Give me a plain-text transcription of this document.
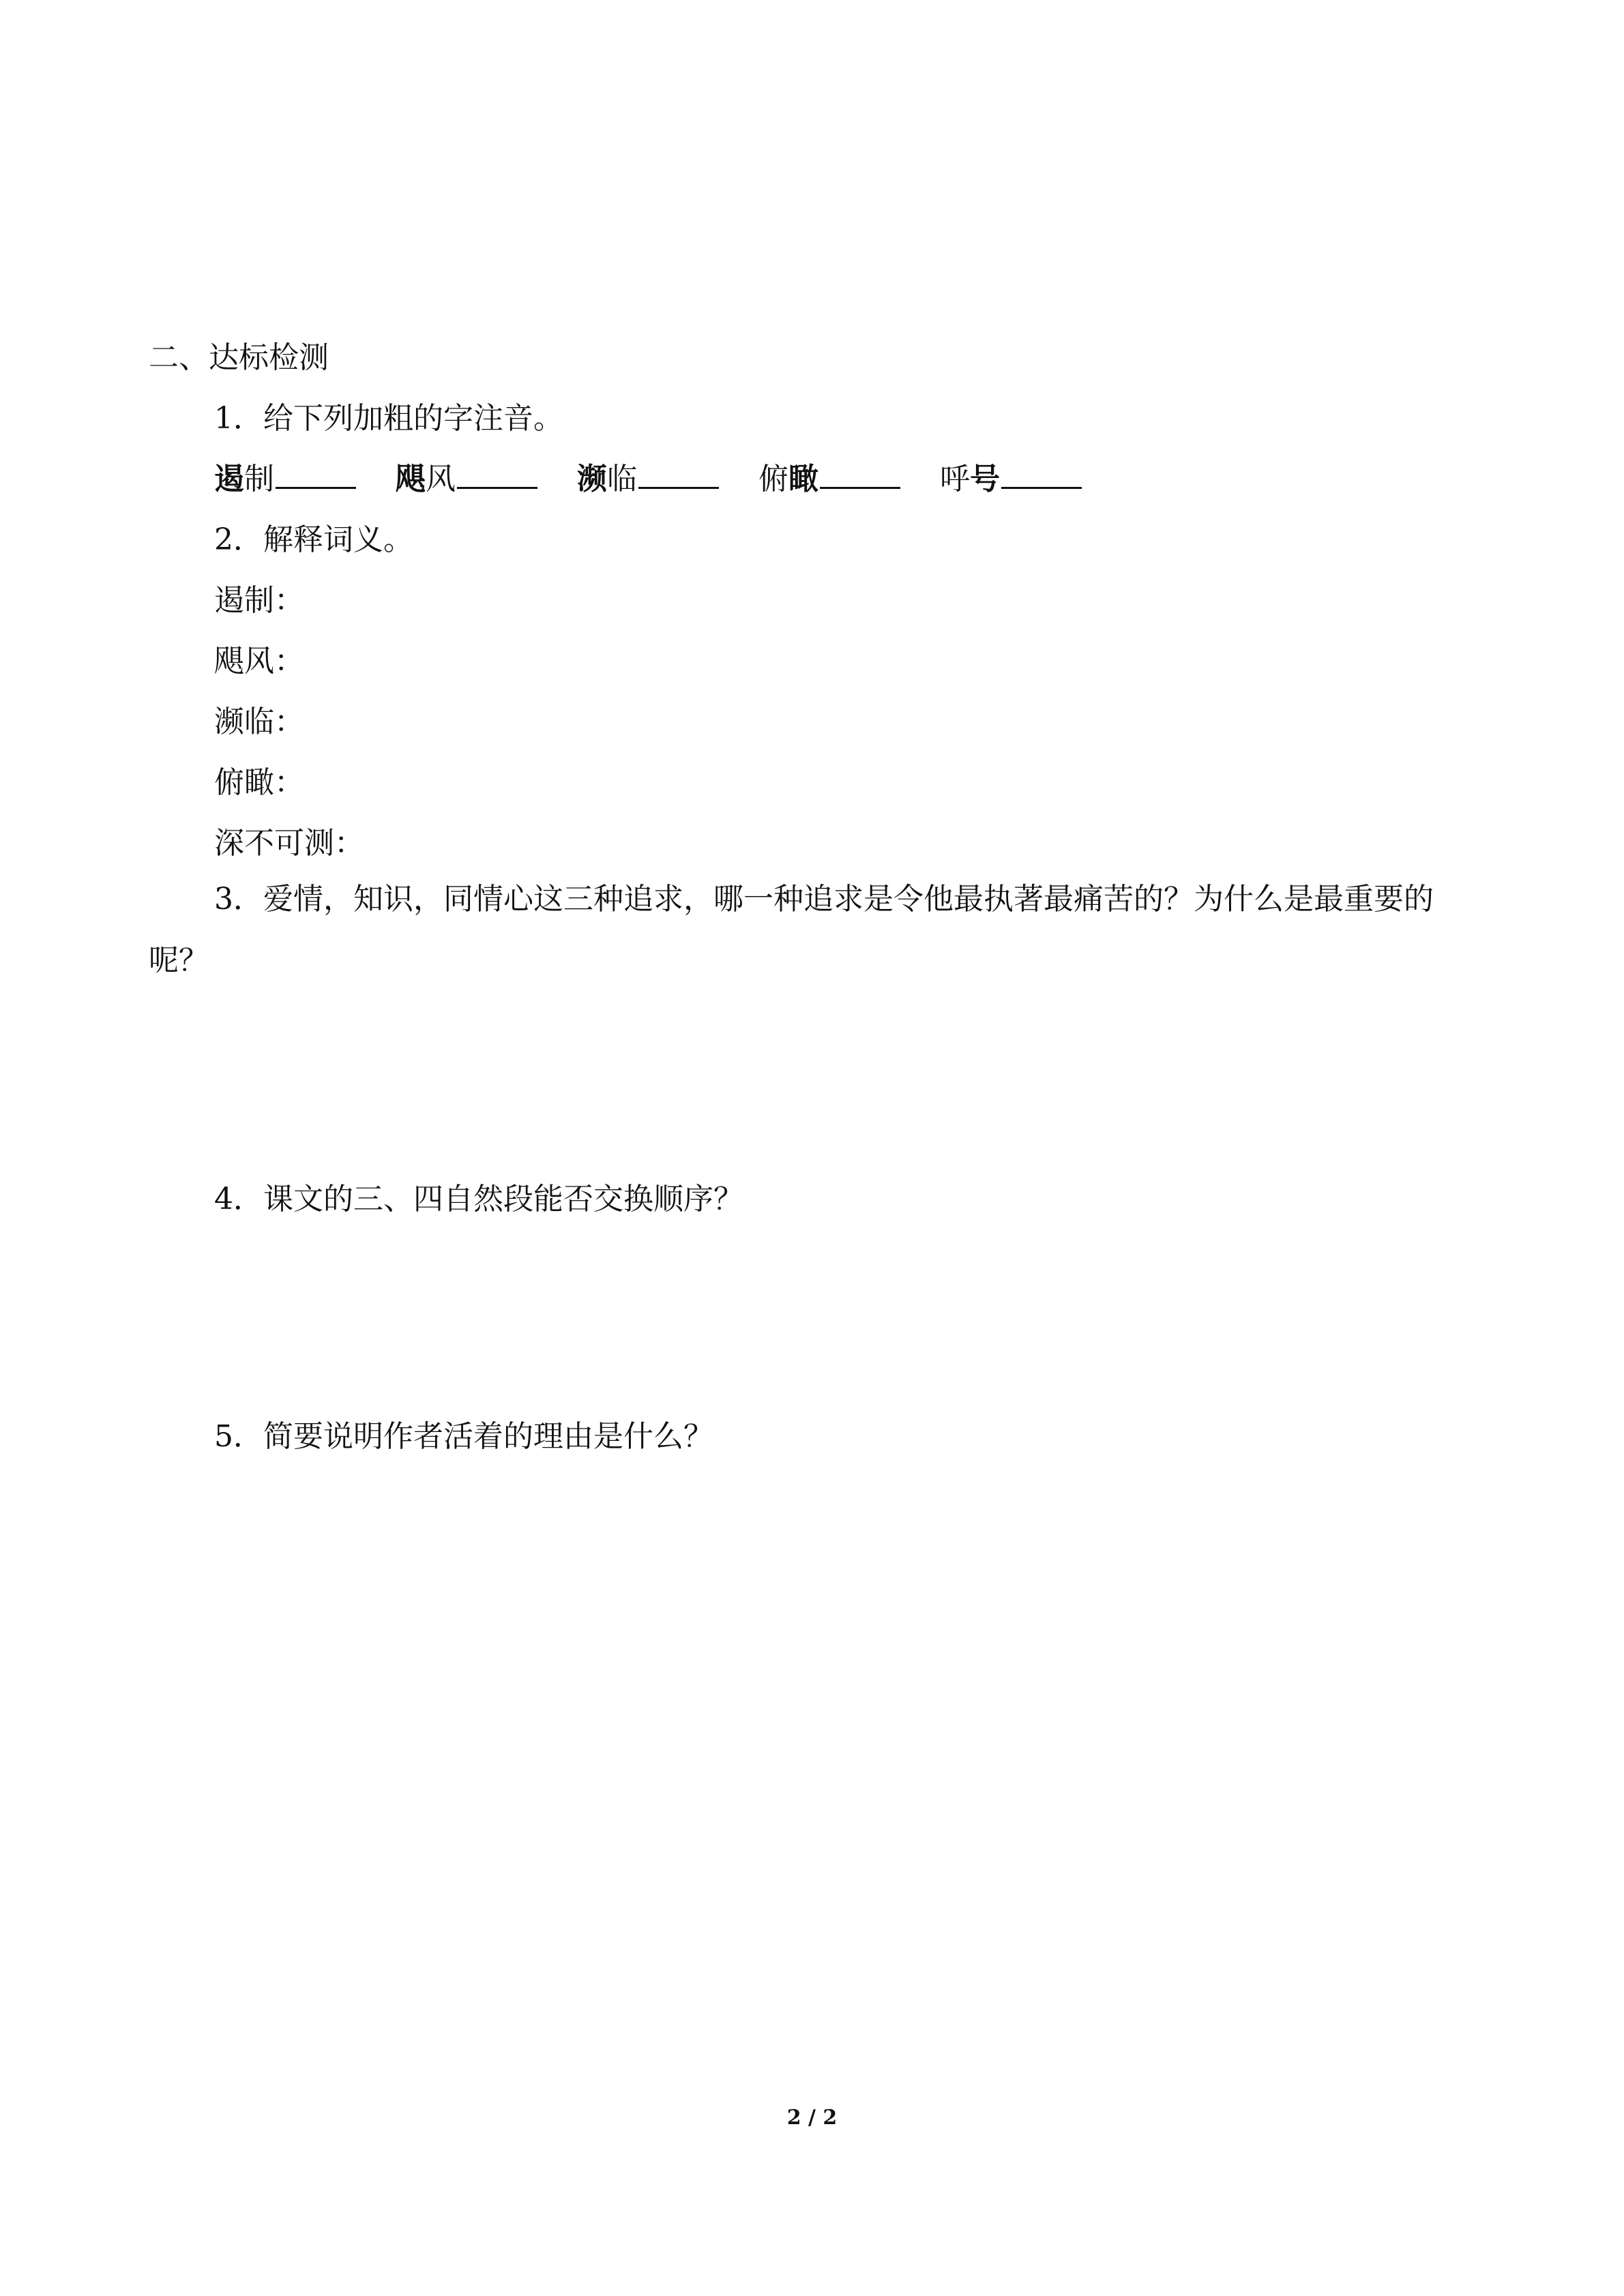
二、达标检测
1．给下列加粗的字注音。
遏制	飓风	濒临	俯瞰	呼号
2．解释词义。
遏制：
飓风：
濒临：
俯瞰：
深不可测：
3．爱情，知识，同情心这三种追求，哪一种追求是令他最执著最痛苦的？为什么是最重要的呢？
4．课文的三、四自然段能否交换顺序？
5．简要说明作者活着的理由是什么？
2 / 2
